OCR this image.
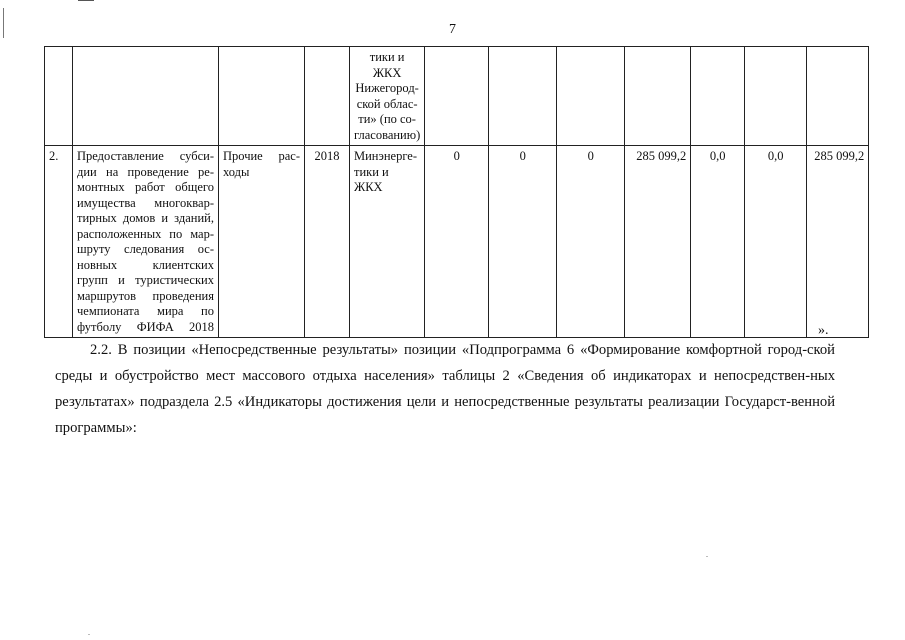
7
				тики и ЖКХ Нижегород-ской облас-ти» (по со-гласованию)							
2.	Предоставление субси-дии на проведение ре-монтных работ общего имущества многоквар-тирных домов и зданий, расположенных по мар-шруту следования ос-новных клиентских групп и туристических маршрутов проведения чемпионата мира по футболу ФИФА 2018	Прочие рас-ходы	2018	Минэнерге-тики и ЖКХ	0	0	0	285 099,2	0,0	0,0	285 099,2
».
2.2. В позиции «Непосредственные результаты» позиции «Подпрограмма 6 «Формирование комфортной город-ской среды и обустройство мест массового отдыха населения» таблицы 2 «Сведения об индикаторах и непосредствен-ных результатах» подраздела 2.5 «Индикаторы достижения цели и непосредственные результаты реализации Государст-венной программы»:
